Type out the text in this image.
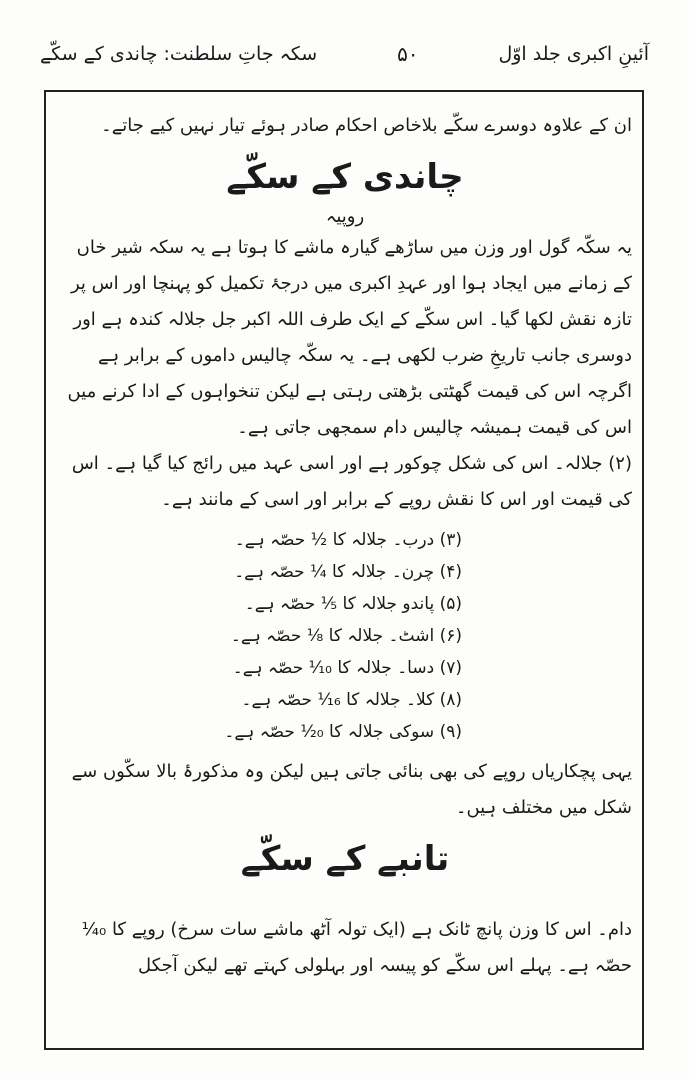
آئینِ اکبری جلد اوّل
۵۰
سکہ جاتِ سلطنت: چاندی کے سکّے

ان کے علاوہ دوسرے سکّے بلاخاص احکام صادر ہوئے تیار نہیں کیے جاتے۔

چاندی کے سکّے

روپیہ

یہ سکّہ گول اور وزن میں ساڑھے گیارہ ماشے کا ہوتا ہے یہ سکہ شیر خاں کے زمانے میں ایجاد ہوا اور عہدِ اکبری میں درجۂ تکمیل کو پہنچا اور اس پر تازہ نقش لکھا گیا۔ اس سکّے کے ایک طرف اللہ اکبر جل جلالہ کندہ ہے اور دوسری جانب تاریخِ ضرب لکھی ہے۔ یہ سکّہ چالیس داموں کے برابر ہے اگرچہ اس کی قیمت گھٹتی بڑھتی رہتی ہے لیکن تنخواہوں کے ادا کرنے میں اس کی قیمت ہمیشہ چالیس دام سمجھی جاتی ہے۔

(۲) جلالہ۔ اس کی شکل چوکور ہے اور اسی عہد میں رائج کیا گیا ہے۔ اس کی قیمت اور اس کا نقش روپے کے برابر اور اسی کے مانند ہے۔

(۳) درب۔ جلالہ کا ½ حصّہ ہے۔
(۴) چرن۔ جلالہ کا ¼ حصّہ ہے۔
(۵) پاندو جلالہ کا ⅕ حصّہ ہے۔
(۶) اشٹ۔ جلالہ کا ⅛ حصّہ ہے۔
(۷) دسا۔ جلالہ کا ⅒ حصّہ ہے۔
(۸) کلا۔ جلالہ کا ¹⁄₁₆ حصّہ ہے۔
(۹) سوکی جلالہ کا ¹⁄₂₀ حصّہ ہے۔

یہی پچکاریاں روپے کی بھی بنائی جاتی ہیں لیکن وہ مذکورۂ بالا سکّوں سے شکل میں مختلف ہیں۔

تانبے کے سکّے

دام۔ اس کا وزن پانچ ٹانک ہے (ایک تولہ آٹھ ماشے سات سرخ) روپے کا ¹⁄₄₀ حصّہ ہے۔ پہلے اس سکّے کو پیسہ اور بہلولی کہتے تھے لیکن آجکل
